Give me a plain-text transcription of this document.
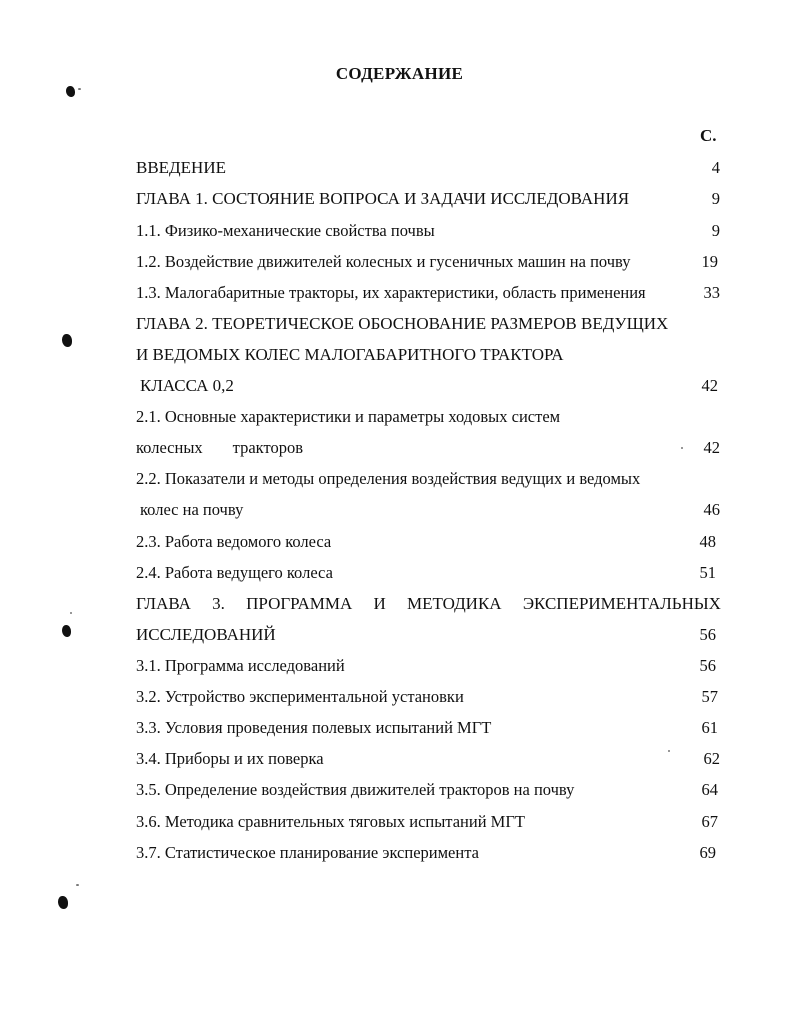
СОДЕРЖАНИЕ
С.
ВВЕДЕНИЕ	4
ГЛАВА 1. СОСТОЯНИЕ ВОПРОСА И ЗАДАЧИ ИССЛЕДОВАНИЯ	9
1.1. Физико-механические свойства почвы	9
1.2. Воздействие движителей колесных и гусеничных машин на почву	19
1.3. Малогабаритные тракторы, их характеристики, область применения	33
ГЛАВА 2. ТЕОРЕТИЧЕСКОЕ ОБОСНОВАНИЕ РАЗМЕРОВ ВЕДУЩИХ
И ВЕДОМЫХ КОЛЕС МАЛОГАБАРИТНОГО ТРАКТОРА
КЛАССА 0,2	42
2.1. Основные характеристики и параметры ходовых систем
колесных тракторов	42
2.2. Показатели и методы определения воздействия ведущих и ведомых
колес на почву	46
2.3. Работа ведомого колеса	48
2.4. Работа ведущего колеса	51
ГЛАВА 3. ПРОГРАММА И МЕТОДИКА ЭКСПЕРИМЕНТАЛЬНЫХ
ИССЛЕДОВАНИЙ	56
3.1. Программа исследований	56
3.2. Устройство экспериментальной установки	57
3.3. Условия проведения полевых испытаний МГТ	61
3.4. Приборы и их поверка	62
3.5. Определение воздействия движителей тракторов на почву	64
3.6. Методика сравнительных тяговых испытаний МГТ	67
3.7. Статистическое планирование эксперимента	69
